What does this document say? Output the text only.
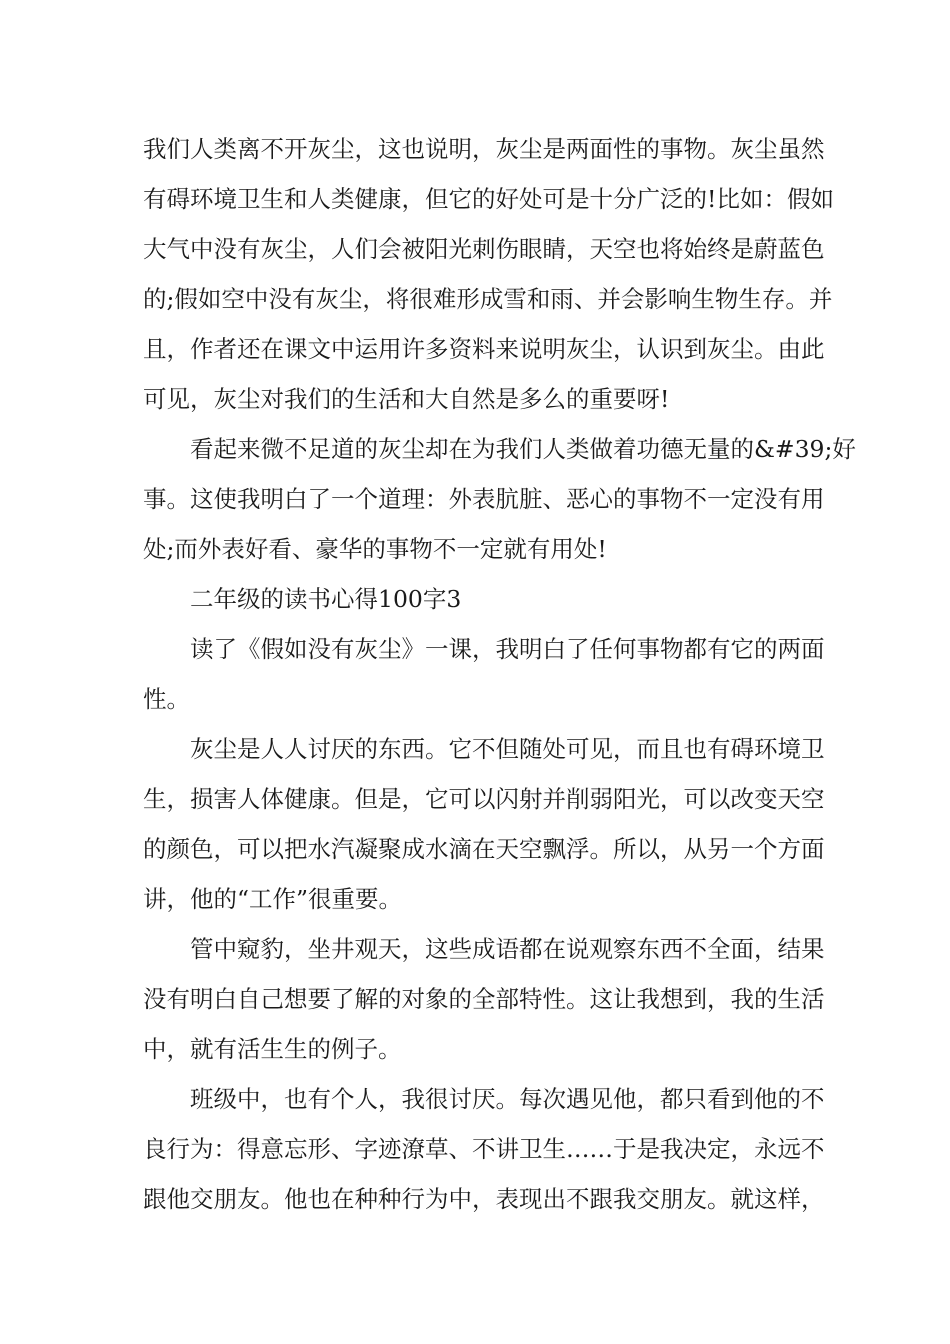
我们人类离不开灰尘，这也说明，灰尘是两面性的事物。灰尘虽然
有碍环境卫生和人类健康，但它的好处可是十分广泛的!比如：假如
大气中没有灰尘，人们会被阳光刺伤眼睛，天空也将始终是蔚蓝色
的;假如空中没有灰尘，将很难形成雪和雨、并会影响生物生存。并
且，作者还在课文中运用许多资料来说明灰尘，认识到灰尘。由此
可见，灰尘对我们的生活和大自然是多么的重要呀!
看起来微不足道的灰尘却在为我们人类做着功德无量的&#39;好
事。这使我明白了一个道理：外表肮脏、恶心的事物不一定没有用
处;而外表好看、豪华的事物不一定就有用处!
二年级的读书心得100字3
读了《假如没有灰尘》一课，我明白了任何事物都有它的两面
性。
灰尘是人人讨厌的东西。它不但随处可见，而且也有碍环境卫
生，损害人体健康。但是，它可以闪射并削弱阳光，可以改变天空
的颜色，可以把水汽凝聚成水滴在天空飘浮。所以，从另一个方面
讲，他的“工作”很重要。
管中窥豹，坐井观天，这些成语都在说观察东西不全面，结果
没有明白自己想要了解的对象的全部特性。这让我想到，我的生活
中，就有活生生的例子。
班级中，也有个人，我很讨厌。每次遇见他，都只看到他的不
良行为：得意忘形、字迹潦草、不讲卫生……于是我决定，永远不
跟他交朋友。他也在种种行为中，表现出不跟我交朋友。就这样，
